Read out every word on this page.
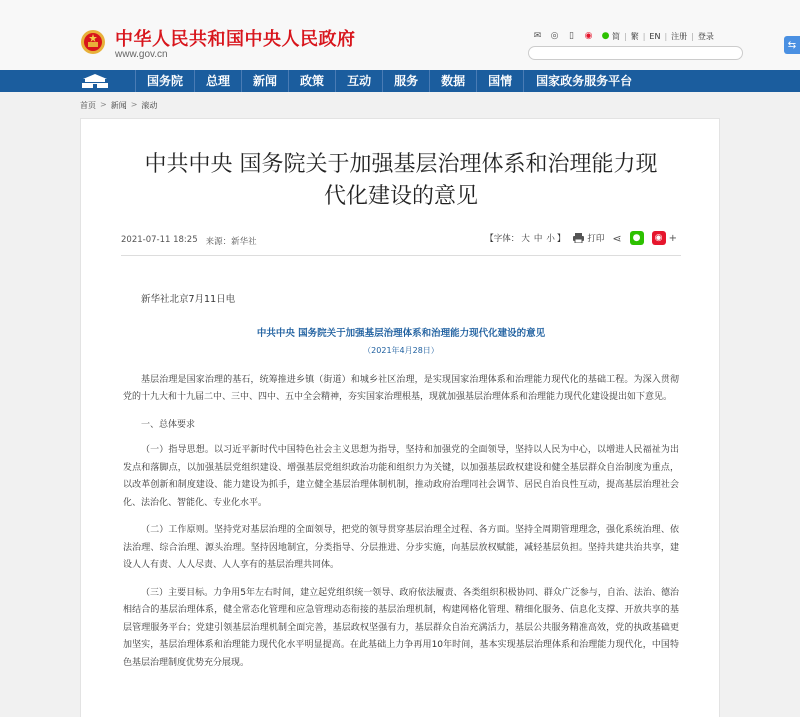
中华人民共和国中央人民政府
www.gov.cn
✉ ◎	▯	◉ ● 简 | 繁 | EN | 注册 | 登录
⇆
国务院	总理	新闻	政策	互动	服务	数据	国情	国家政务服务平台
首页 > 新闻 > 滚动
中共中央 国务院关于加强基层治理体系和治理能力现
代化建设的意见
2021-07-11 18:25 来源：新华社	【字体： 大 中 小 】	打印 ⋖	●	◉ +

新华社北京7月11日电

中共中央 国务院关于加强基层治理体系和治理能力现代化建设的意见

（2021年4月28日）

基层治理是国家治理的基石，统筹推进乡镇（街道）和城乡社区治理，是实现国家治理体系和治理能力现代化的基础工程。为深入贯彻党的十九大和十九届二中、三中、四中、五中全会精神，夯实国家治理根基，现就加强基层治理体系和治理能力现代化建设提出如下意见。

一、总体要求

（一）指导思想。以习近平新时代中国特色社会主义思想为指导，坚持和加强党的全面领导，坚持以人民为中心，以增进人民福祉为出发点和落脚点，以加强基层党组织建设、增强基层党组织政治功能和组织力为关键，以加强基层政权建设和健全基层群众自治制度为重点，以改革创新和制度建设、能力建设为抓手，建立健全基层治理体制机制，推动政府治理同社会调节、居民自治良性互动，提高基层治理社会化、法治化、智能化、专业化水平。

（二）工作原则。坚持党对基层治理的全面领导，把党的领导贯穿基层治理全过程、各方面。坚持全周期管理理念，强化系统治理、依法治理、综合治理、源头治理。坚持因地制宜，分类指导、分层推进、分步实施，向基层放权赋能，减轻基层负担。坚持共建共治共享，建设人人有责、人人尽责、人人享有的基层治理共同体。

（三）主要目标。力争用5年左右时间，建立起党组织统一领导、政府依法履责、各类组织积极协同、群众广泛参与，自治、法治、德治相结合的基层治理体系，健全常态化管理和应急管理动态衔接的基层治理机制，构建网格化管理、精细化服务、信息化支撑、开放共享的基层管理服务平台；党建引领基层治理机制全面完善，基层政权坚强有力，基层群众自治充满活力，基层公共服务精准高效，党的执政基础更加坚实，基层治理体系和治理能力现代化水平明显提高。在此基础上力争再用10年时间，基本实现基层治理体系和治理能力现代化，中国特色基层治理制度优势充分展现。
